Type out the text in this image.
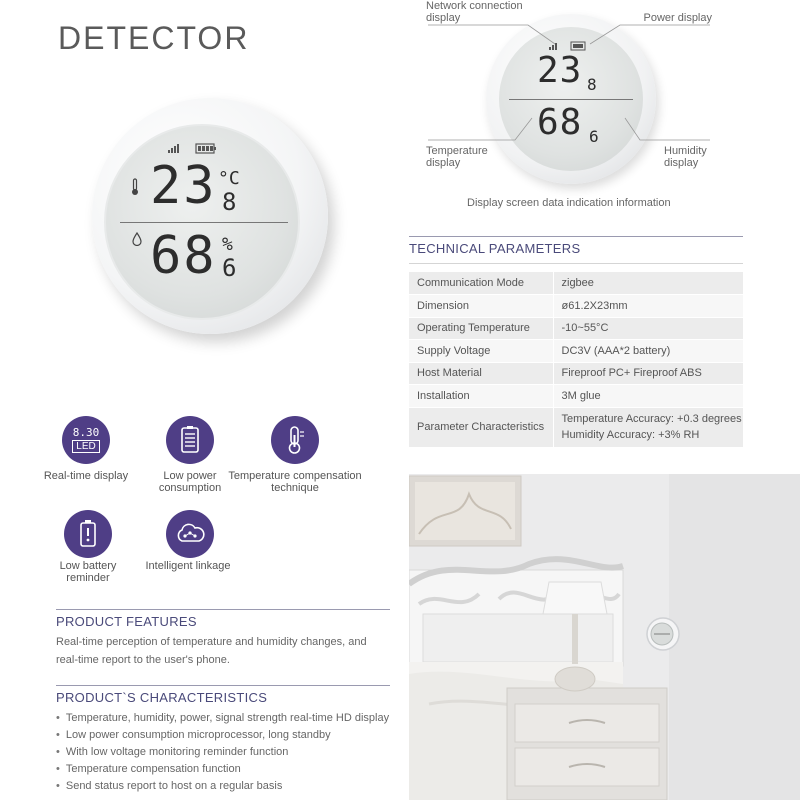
DETECTOR
23 °C
8
68 %
6
23 8
68 6
Network connection display	Power display
Temperature display
Humidity display
Display screen data indication information
8.30
LED
Real-time display	Low power consumption
Temperature compensation technique
Low battery reminder
Intelligent linkage
TECHNICAL PARAMETERS
Communication Mode	zigbee
Dimension	ø61.2X23mm
Operating Temperature	-10~55°C
Supply Voltage	DC3V (AAA*2 battery)
Host Material	Fireproof PC+ Fireproof ABS
Installation	3M glue
Parameter Characteristics	Temperature Accuracy: +0.3 degrees
Humidity Accuracy: +3% RH
PRODUCT FEATURES
Real-time perception of temperature and humidity changes, and real-time report to the user's phone.
PRODUCT`S CHARACTERISTICS
• Temperature, humidity, power, signal strength real-time HD display
• Low power consumption microprocessor, long standby
• With low voltage monitoring reminder function
• Temperature compensation function
• Send status report to host on a regular basis
